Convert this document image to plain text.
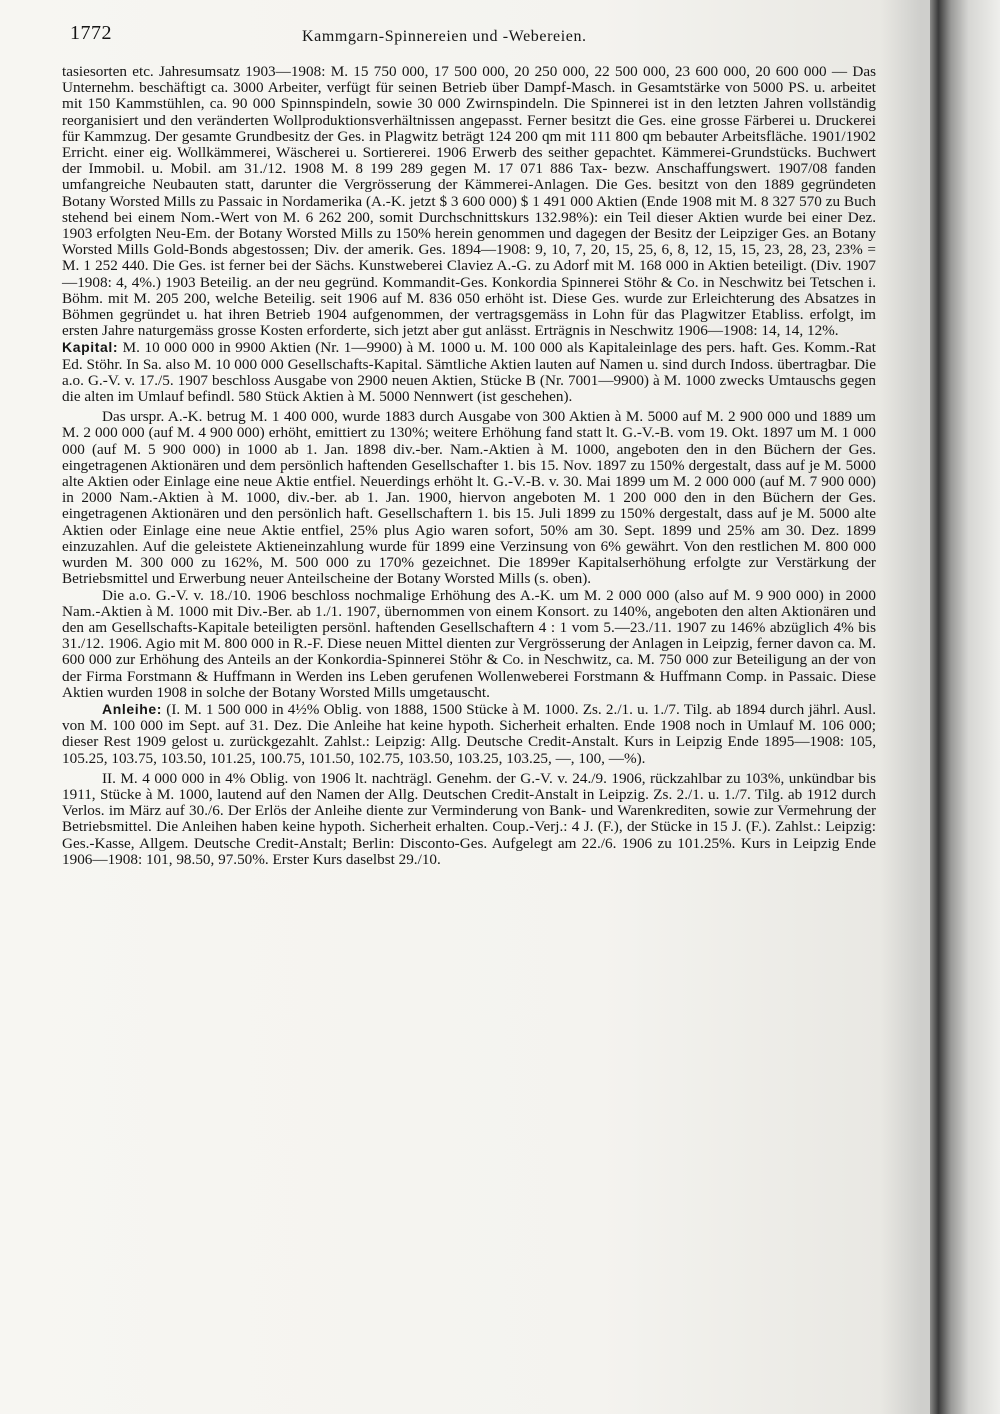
1772	Kammgarn-Spinnereien und -Webereien.

tasiesorten etc. Jahresumsatz 1903—1908: M. 15 750 000, 17 500 000, 20 250 000, 22 500 000, 23 600 000, 20 600 000 — Das Unternehm. beschäftigt ca. 3000 Arbeiter, verfügt für seinen Betrieb über Dampf-Masch. in Gesamtstärke von 5000 PS. u. arbeitet mit 150 Kammstühlen, ca. 90 000 Spinnspindeln, sowie 30 000 Zwirnspindeln. Die Spinnerei ist in den letzten Jahren vollständig reorganisiert und den veränderten Wollproduktionsverhältnissen angepasst. Ferner besitzt die Ges. eine grosse Färberei u. Druckerei für Kammzug. Der gesamte Grundbesitz der Ges. in Plagwitz beträgt 124 200 qm mit 111 800 qm bebauter Arbeitsfläche. 1901/1902 Erricht. einer eig. Wollkämmerei, Wäscherei u. Sortiererei. 1906 Erwerb des seither gepachtet. Kämmerei-Grundstücks. Buchwert der Immobil. u. Mobil. am 31./12. 1908 M. 8 199 289 gegen M. 17 071 886 Tax- bezw. Anschaffungswert. 1907/08 fanden umfangreiche Neubauten statt, darunter die Vergrösserung der Kämmerei-Anlagen. Die Ges. besitzt von den 1889 gegründeten Botany Worsted Mills zu Passaic in Nordamerika (A.-K. jetzt $ 3 600 000) $ 1 491 000 Aktien (Ende 1908 mit M. 8 327 570 zu Buch stehend bei einem Nom.-Wert von M. 6 262 200, somit Durchschnittskurs 132.98%): ein Teil dieser Aktien wurde bei einer Dez. 1903 erfolgten Neu-Em. der Botany Worsted Mills zu 150% herein genommen und dagegen der Besitz der Leipziger Ges. an Botany Worsted Mills Gold-Bonds abgestossen; Div. der amerik. Ges. 1894—1908: 9, 10, 7, 20, 15, 25, 6, 8, 12, 15, 15, 23, 28, 23, 23% = M. 1 252 440. Die Ges. ist ferner bei der Sächs. Kunstweberei Claviez A.-G. zu Adorf mit M. 168 000 in Aktien beteiligt. (Div. 1907—1908: 4, 4%.) 1903 Beteilig. an der neu gegründ. Kommandit-Ges. Konkordia Spinnerei Stöhr & Co. in Neschwitz bei Tetschen i. Böhm. mit M. 205 200, welche Beteilig. seit 1906 auf M. 836 050 erhöht ist. Diese Ges. wurde zur Erleichterung des Absatzes in Böhmen gegründet u. hat ihren Betrieb 1904 aufgenommen, der vertragsgemäss in Lohn für das Plagwitzer Etabliss. erfolgt, im ersten Jahre naturgemäss grosse Kosten erforderte, sich jetzt aber gut anlässt. Erträgnis in Neschwitz 1906—1908: 14, 14, 12%.

Kapital: M. 10 000 000 in 9900 Aktien (Nr. 1—9900) à M. 1000 u. M. 100 000 als Kapitaleinlage des pers. haft. Ges. Komm.-Rat Ed. Stöhr. In Sa. also M. 10 000 000 Gesellschafts-Kapital. Sämtliche Aktien lauten auf Namen u. sind durch Indoss. übertragbar. Die a.o. G.-V. v. 17./5. 1907 beschloss Ausgabe von 2900 neuen Aktien, Stücke B (Nr. 7001—9900) à M. 1000 zwecks Umtauschs gegen die alten im Umlauf befindl. 580 Stück Aktien à M. 5000 Nennwert (ist geschehen).

Das urspr. A.-K. betrug M. 1 400 000, wurde 1883 durch Ausgabe von 300 Aktien à M. 5000 auf M. 2 900 000 und 1889 um M. 2 000 000 (auf M. 4 900 000) erhöht, emittiert zu 130%; weitere Erhöhung fand statt lt. G.-V.-B. vom 19. Okt. 1897 um M. 1 000 000 (auf M. 5 900 000) in 1000 ab 1. Jan. 1898 div.-ber. Nam.-Aktien à M. 1000, angeboten den in den Büchern der Ges. eingetragenen Aktionären und dem persönlich haftenden Gesellschafter 1. bis 15. Nov. 1897 zu 150% dergestalt, dass auf je M. 5000 alte Aktien oder Einlage eine neue Aktie entfiel. Neuerdings erhöht lt. G.-V.-B. v. 30. Mai 1899 um M. 2 000 000 (auf M. 7 900 000) in 2000 Nam.-Aktien à M. 1000, div.-ber. ab 1. Jan. 1900, hiervon angeboten M. 1 200 000 den in den Büchern der Ges. eingetragenen Aktionären und den persönlich haft. Gesellschaftern 1. bis 15. Juli 1899 zu 150% dergestalt, dass auf je M. 5000 alte Aktien oder Einlage eine neue Aktie entfiel, 25% plus Agio waren sofort, 50% am 30. Sept. 1899 und 25% am 30. Dez. 1899 einzuzahlen. Auf die geleistete Aktieneinzahlung wurde für 1899 eine Verzinsung von 6% gewährt. Von den restlichen M. 800 000 wurden M. 300 000 zu 162%, M. 500 000 zu 170% gezeichnet. Die 1899er Kapitalserhöhung erfolgte zur Verstärkung der Betriebsmittel und Erwerbung neuer Anteilscheine der Botany Worsted Mills (s. oben).

Die a.o. G.-V. v. 18./10. 1906 beschloss nochmalige Erhöhung des A.-K. um M. 2 000 000 (also auf M. 9 900 000) in 2000 Nam.-Aktien à M. 1000 mit Div.-Ber. ab 1./1. 1907, übernommen von einem Konsort. zu 140%, angeboten den alten Aktionären und den am Gesellschafts-Kapitale beteiligten persönl. haftenden Gesellschaftern 4 : 1 vom 5.—23./11. 1907 zu 146% abzüglich 4% bis 31./12. 1906. Agio mit M. 800 000 in R.-F. Diese neuen Mittel dienten zur Vergrösserung der Anlagen in Leipzig, ferner davon ca. M. 600 000 zur Erhöhung des Anteils an der Konkordia-Spinnerei Stöhr & Co. in Neschwitz, ca. M. 750 000 zur Beteiligung an der von der Firma Forstmann & Huffmann in Werden ins Leben gerufenen Wollenweberei Forstmann & Huffmann Comp. in Passaic. Diese Aktien wurden 1908 in solche der Botany Worsted Mills umgetauscht.

Anleihe: (I. M. 1 500 000 in 4½% Oblig. von 1888, 1500 Stücke à M. 1000. Zs. 2./1. u. 1./7. Tilg. ab 1894 durch jährl. Ausl. von M. 100 000 im Sept. auf 31. Dez. Die Anleihe hat keine hypoth. Sicherheit erhalten. Ende 1908 noch in Umlauf M. 106 000; dieser Rest 1909 gelost u. zurückgezahlt. Zahlst.: Leipzig: Allg. Deutsche Credit-Anstalt. Kurs in Leipzig Ende 1895—1908: 105, 105.25, 103.75, 103.50, 101.25, 100.75, 101.50, 102.75, 103.50, 103.25, 103.25, —, 100, —%).

II. M. 4 000 000 in 4% Oblig. von 1906 lt. nachträgl. Genehm. der G.-V. v. 24./9. 1906, rückzahlbar zu 103%, unkündbar bis 1911, Stücke à M. 1000, lautend auf den Namen der Allg. Deutschen Credit-Anstalt in Leipzig. Zs. 2./1. u. 1./7. Tilg. ab 1912 durch Verlos. im März auf 30./6. Der Erlös der Anleihe diente zur Verminderung von Bank- und Warenkrediten, sowie zur Vermehrung der Betriebsmittel. Die Anleihen haben keine hypoth. Sicherheit erhalten. Coup.-Verj.: 4 J. (F.), der Stücke in 15 J. (F.). Zahlst.: Leipzig: Ges.-Kasse, Allgem. Deutsche Credit-Anstalt; Berlin: Disconto-Ges. Aufgelegt am 22./6. 1906 zu 101.25%. Kurs in Leipzig Ende 1906—1908: 101, 98.50, 97.50%. Erster Kurs daselbst 29./10.
